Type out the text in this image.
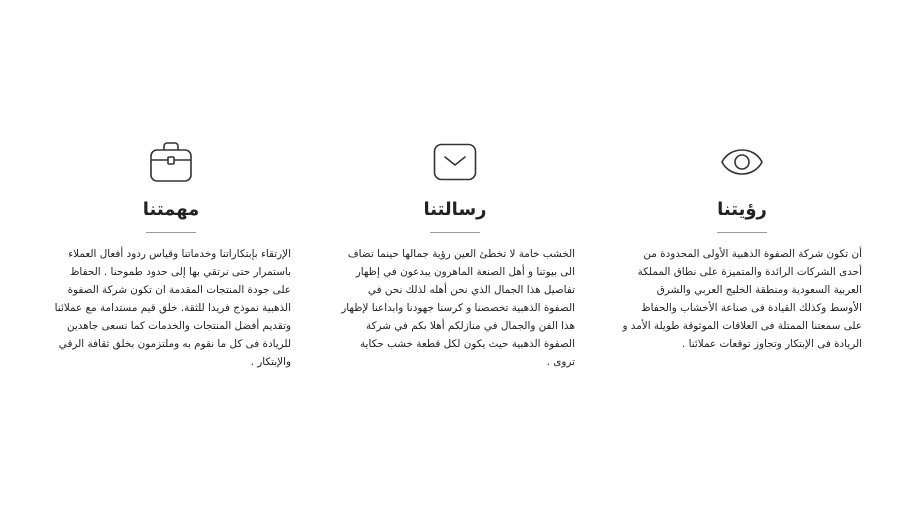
رؤيتنا

أن تكون شركة الصفوة الذهبية الأولى المحدودة من أحدى الشركات الرائدة والمتميزة على نطاق المملكة العربية السعودية ومنطقة الخليج العربي والشرق الأوسط وكذلك القيادة فى صناعة الأخشاب والحفاظ على سمعتنا الممتلة فى العلاقات الموثوقة طويلة الأمد و الريادة فى الإبتكار وتجاوز توقعات عملائنا .

رسالتنا

الخشب خامة لا تخطئ العين رؤية جمالها حينما تضاف الى بيوتنا و أهل الصنعة الماهرون يبدعون في إظهار تفاصيل هذا الجمال الذي نحن أهله لذلك نحن في الصفوة الذهبية تخصصنا و كرسنا جهودنا وابداعنا لإظهار هذا الفن والجمال في منازلكم أهلا بكم في شركة الصفوة الذهبية حيث يكون لكل قطعة خشب حكاية تروى .

مهمتنا

الإرتقاء بإبتكاراتنا وخدماتنا وقياس ردود أفعال العملاء باستمرار حتى نرتقي بها إلى حدود طموحنا . الحفاظ على جودة المنتجات المقدمة ان تكون شركة الصفوة الذهبية نموذج فريدا للثقة. خلق قيم مستدامة مع عملائنا وتقديم أفضل المنتجات والخدمات كما نسعى جاهدين للريادة فى كل ما نقوم به وملتزمون بخلق ثقافة الرقي والإبتكار .
